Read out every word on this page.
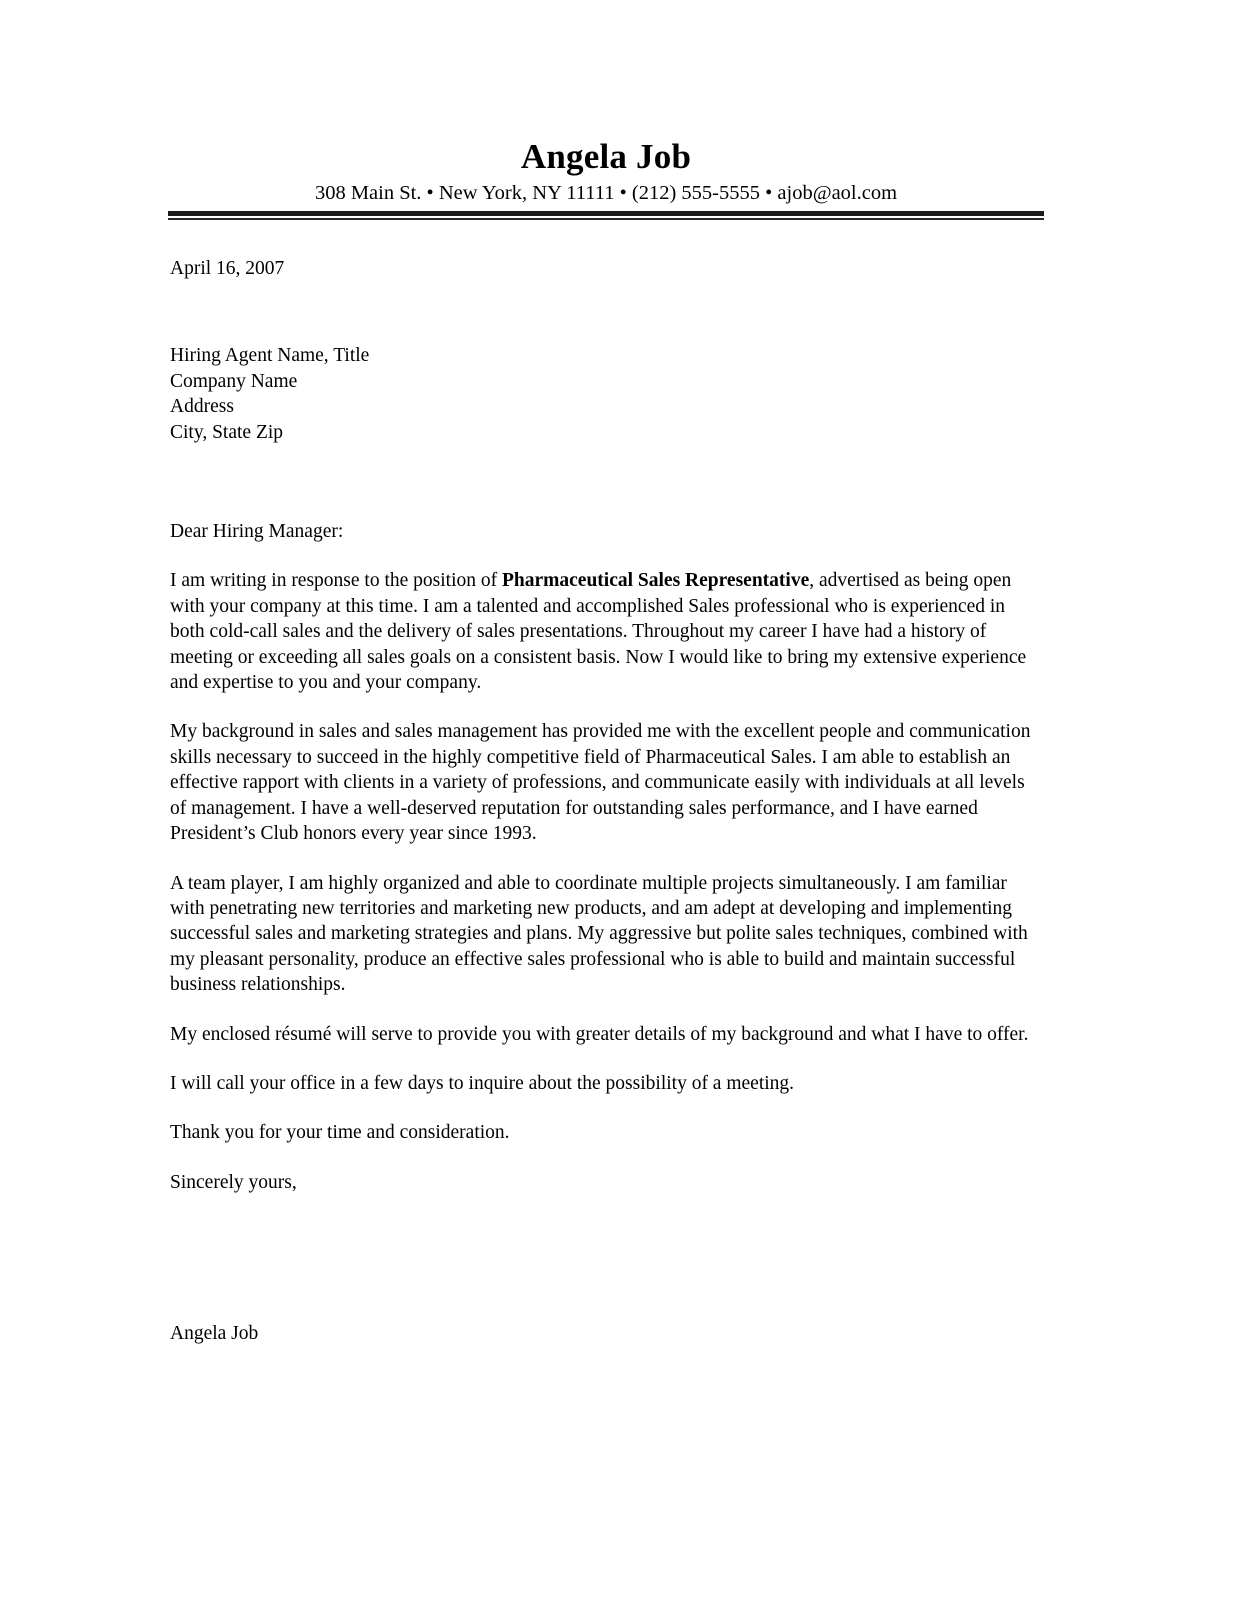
Angela Job
308 Main St. • New York, NY 11111 • (212) 555-5555 • ajob@aol.com
April 16, 2007
Hiring Agent Name, Title
Company Name
Address
City, State Zip
Dear Hiring Manager:

I am writing in response to the position of Pharmaceutical Sales Representative, advertised as being open with your company at this time. I am a talented and accomplished Sales professional who is experienced in both cold-call sales and the delivery of sales presentations. Throughout my career I have had a history of meeting or exceeding all sales goals on a consistent basis. Now I would like to bring my extensive experience and expertise to you and your company.

My background in sales and sales management has provided me with the excellent people and communication skills necessary to succeed in the highly competitive field of Pharmaceutical Sales. I am able to establish an effective rapport with clients in a variety of professions, and communicate easily with individuals at all levels of management. I have a well-deserved reputation for outstanding sales performance, and I have earned President’s Club honors every year since 1993.

A team player, I am highly organized and able to coordinate multiple projects simultaneously. I am familiar with penetrating new territories and marketing new products, and am adept at developing and implementing successful sales and marketing strategies and plans. My aggressive but polite sales techniques, combined with my pleasant personality, produce an effective sales professional who is able to build and maintain successful business relationships.

My enclosed résumé will serve to provide you with greater details of my background and what I have to offer.

I will call your office in a few days to inquire about the possibility of a meeting.

Thank you for your time and consideration.

Sincerely yours,
Angela Job
